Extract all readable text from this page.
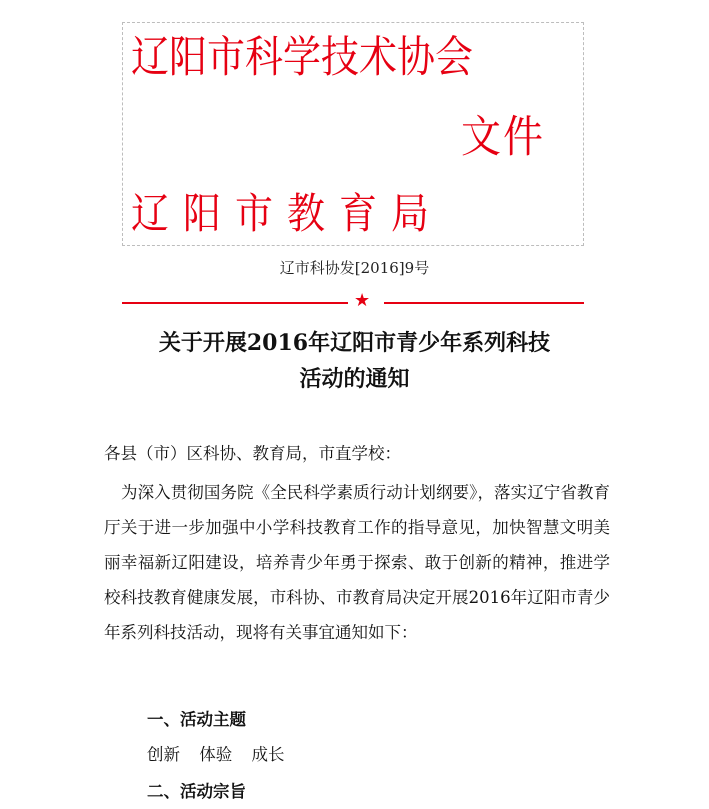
辽阳市科学技术协会
文件
辽阳市教育局
辽市科协发[2016]9号
★
关于开展2016年辽阳市青少年系列科技
活动的通知
各县（市）区科协、教育局，市直学校：
为深入贯彻国务院《全民科学素质行动计划纲要》，落实辽宁省教育厅关于进一步加强中小学科技教育工作的指导意见，加快智慧文明美丽幸福新辽阳建设，培养青少年勇于探索、敢于创新的精神，推进学校科技教育健康发展，市科协、市教育局决定开展2016年辽阳市青少年系列科技活动，现将有关事宜通知如下：
一、活动主题
创新 体验 成长
二、活动宗旨
